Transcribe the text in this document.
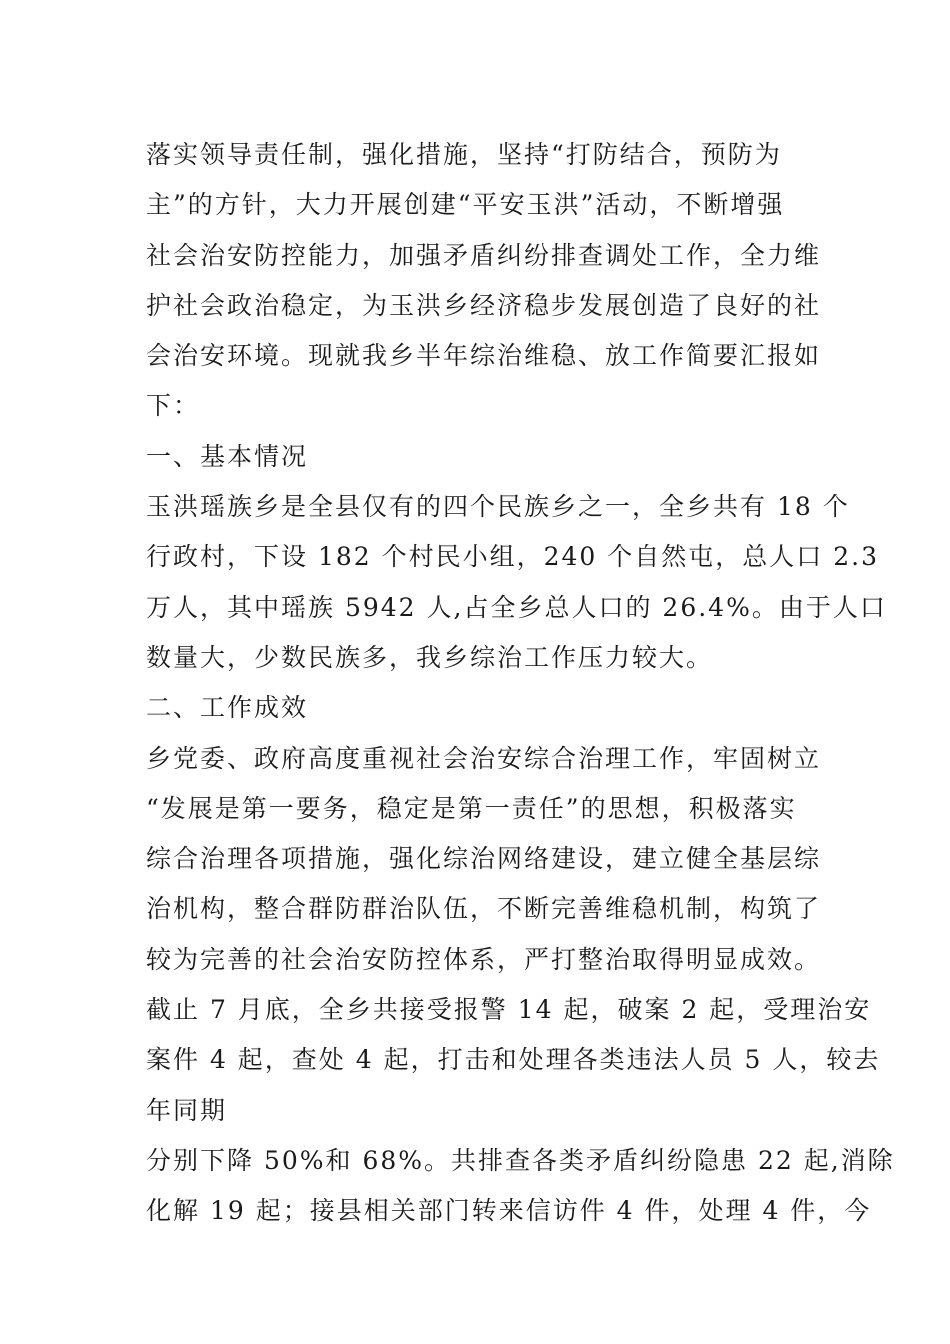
落实领导责任制，强化措施，坚持“打防结合，预防为

主”的方针，大力开展创建“平安玉洪”活动，不断增强

社会治安防控能力，加强矛盾纠纷排查调处工作，全力维

护社会政治稳定，为玉洪乡经济稳步发展创造了良好的社

会治安环境。现就我乡半年综治维稳、放工作简要汇报如

下：

一、基本情况

玉洪瑶族乡是全县仅有的四个民族乡之一，全乡共有 18 个

行政村，下设 182 个村民小组，240 个自然屯，总人口 2.3

万人，其中瑶族 5942 人,占全乡总人口的 26.4%。由于人口

数量大，少数民族多，我乡综治工作压力较大。

二、工作成效

乡党委、政府高度重视社会治安综合治理工作，牢固树立

“发展是第一要务，稳定是第一责任”的思想，积极落实

综合治理各项措施，强化综治网络建设，建立健全基层综

治机构，整合群防群治队伍，不断完善维稳机制，构筑了

较为完善的社会治安防控体系，严打整治取得明显成效。

截止 7 月底，全乡共接受报警 14 起，破案 2 起，受理治安

案件 4 起，查处 4 起，打击和处理各类违法人员 5 人，较去

年同期

分别下降 50%和 68%。共排查各类矛盾纠纷隐患 22 起,消除

化解 19 起；接县相关部门转来信访件 4 件，处理 4 件，今
